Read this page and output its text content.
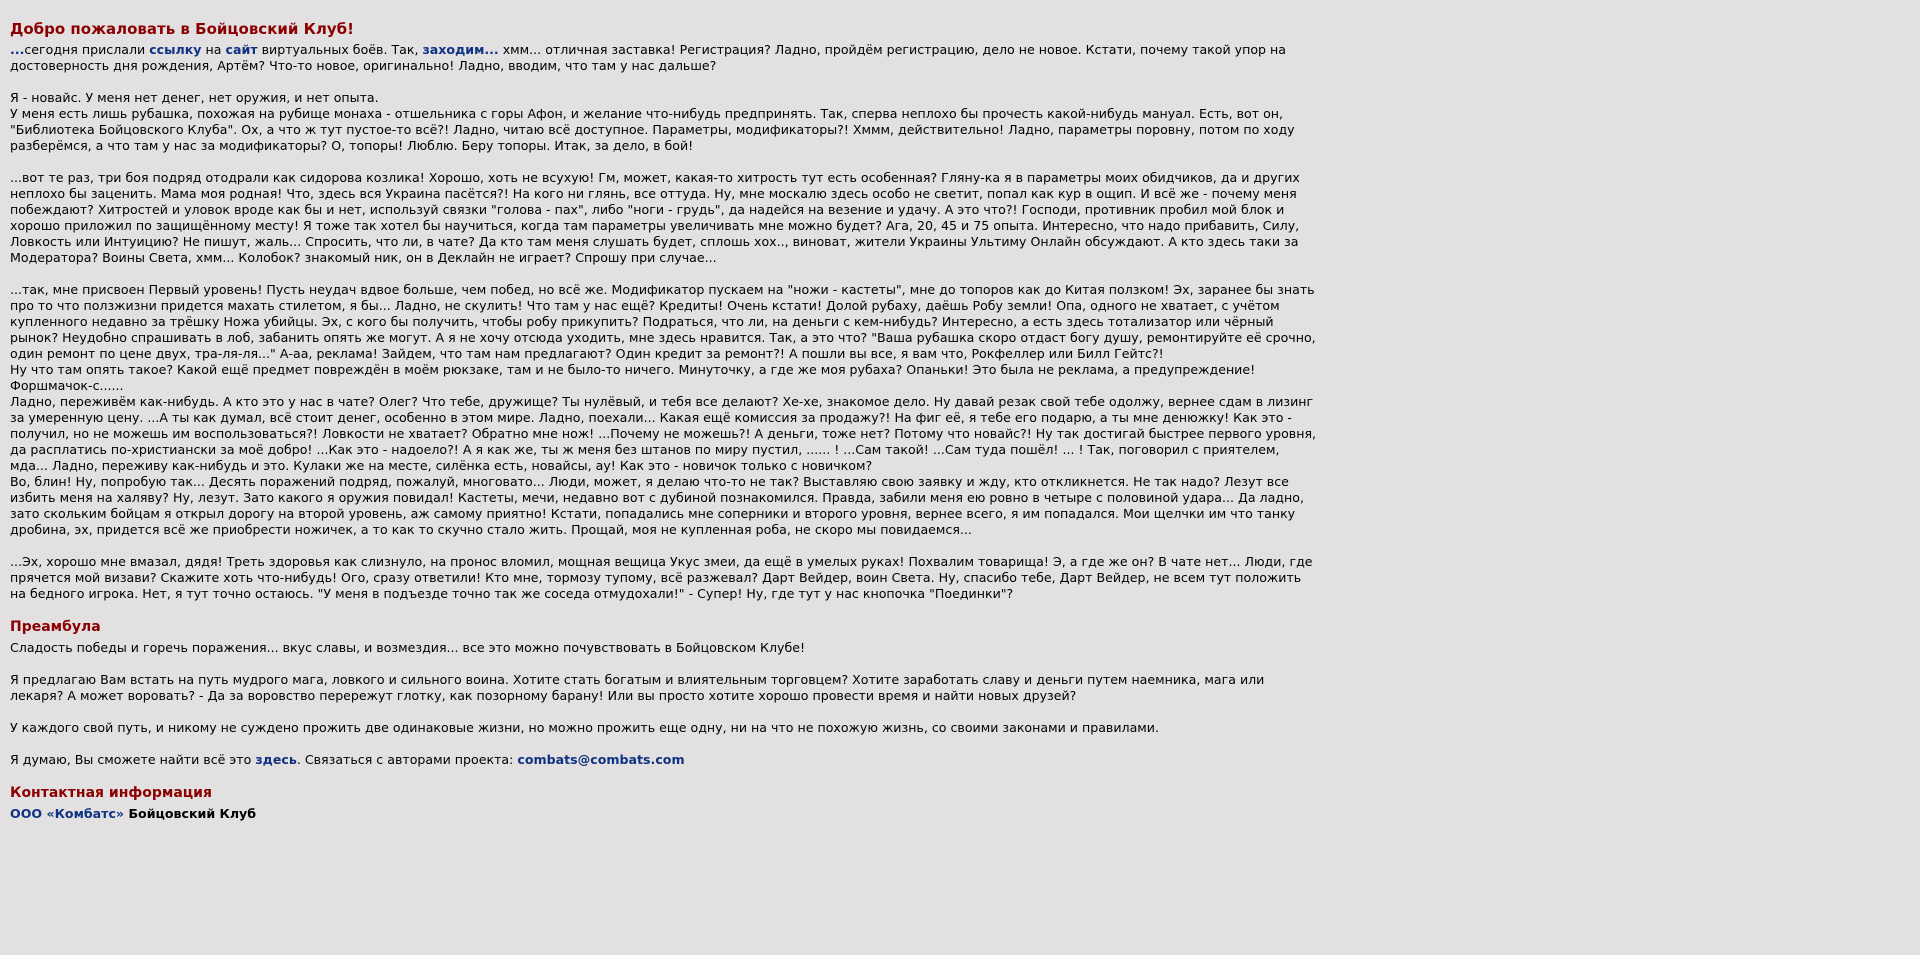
Добро пожаловать в Бойцовский Клуб!

...сегодня прислали ссылку на сайт виртуальных боёв. Так, заходим... хмм... отличная заставка! Регистрация? Ладно, пройдём регистрацию, дело не новое. Кстати, почему такой упор на достоверность дня рождения, Артём? Что-то новое, оригинально! Ладно, вводим, что там у нас дальше?

Я - новайс. У меня нет денег, нет оружия, и нет опыта.

У меня есть лишь рубашка, похожая на рубище монаха - отшельника с горы Афон, и желание что-нибудь предпринять. Так, сперва неплохо бы прочесть какой-нибудь мануал. Есть, вот он, "Библиотека Бойцовского Клуба". Ох, а что ж тут пустое-то всё?! Ладно, читаю всё доступное. Параметры, модификаторы?! Хммм, действительно! Ладно, параметры поровну, потом по ходу разберёмся, а что там у нас за модификаторы? О, топоры! Люблю. Беру топоры. Итак, за дело, в бой!

...вот те раз, три боя подряд отодрали как сидорова козлика! Хорошо, хоть не всухую! Гм, может, какая-то хитрость тут есть особенная? Гляну-ка я в параметры моих обидчиков, да и других неплохо бы заценить. Мама моя родная! Что, здесь вся Украина пасётся?! На кого ни глянь, все оттуда. Ну, мне москалю здесь особо не светит, попал как кур в ощип. И всё же - почему меня побеждают? Хитростей и уловок вроде как бы и нет, используй связки "голова - пах", либо "ноги - грудь", да надейся на везение и удачу. А это что?! Господи, противник пробил мой блок и хорошо приложил по защищённому месту! Я тоже так хотел бы научиться, когда там параметры увеличивать мне можно будет? Ага, 20, 45 и 75 опыта. Интересно, что надо прибавить, Силу, Ловкость или Интуицию? Не пишут, жаль... Спросить, что ли, в чате? Да кто там меня слушать будет, сплошь хох.., виноват, жители Украины Ультиму Онлайн обсуждают. А кто здесь таки за Модератора? Воины Света, хмм... Колобок? знакомый ник, он в Деклайн не играет? Спрошу при случае...

...так, мне присвоен Первый уровень! Пусть неудач вдвое больше, чем побед, но всё же. Модификатор пускаем на "ножи - кастеты", мне до топоров как до Китая ползком! Эх, заранее бы знать про то что ползжизни придется махать стилетом, я бы... Ладно, не скулить! Что там у нас ещё? Кредиты! Очень кстати! Долой рубаху, даёшь Робу земли! Опа, одного не хватает, с учётом купленного недавно за трёшку Ножа убийцы. Эх, с кого бы получить, чтобы робу прикупить? Подраться, что ли, на деньги с кем-нибудь? Интересно, а есть здесь тотализатор или чёрный рынок? Неудобно спрашивать в лоб, забанить опять же могут. А я не хочу отсюда уходить, мне здесь нравится. Так, а это что? "Ваша рубашка скоро отдаст богу душу, ремонтируйте её срочно, один ремонт по цене двух, тра-ля-ля..." А-аа, реклама! Зайдем, что там нам предлагают? Один кредит за ремонт?! А пошли вы все, я вам что, Рокфеллер или Билл Гейтс?!

Ну что там опять такое? Какой ещё предмет повреждён в моём рюкзаке, там и не было-то ничего. Минуточку, а где же моя рубаха? Опаньки! Это была не реклама, а предупреждение! Форшмачок-с......

Ладно, переживём как-нибудь. А кто это у нас в чате? Олег? Что тебе, дружище? Ты нулёвый, и тебя все делают? Хе-хе, знакомое дело. Ну давай резак свой тебе одолжу, вернее сдам в лизинг за умеренную цену. ...А ты как думал, всё стоит денег, особенно в этом мире. Ладно, поехали... Какая ещё комиссия за продажу?! На фиг её, я тебе его подарю, а ты мне денюжку! Как это - получил, но не можешь им воспользоваться?! Ловкости не хватает? Обратно мне нож! ...Почему не можешь?! А деньги, тоже нет? Потому что новайс?! Ну так достигай быстрее первого уровня, да расплатись по-христиански за моё добро! ...Как это - надоело?! А я как же, ты ж меня без штанов по миру пустил, ...... ! ...Сам такой! ...Сам туда пошёл! ... ! Так, поговорил с приятелем, мда... Ладно, переживу как-нибудь и это. Кулаки же на месте, силёнка есть, новайсы, ау! Как это - новичок только с новичком?

Во, блин! Ну, попробую так... Десять поражений подряд, пожалуй, многовато... Люди, может, я делаю что-то не так? Выставляю свою заявку и жду, кто откликнется. Не так надо? Лезут все избить меня на халяву? Ну, лезут. Зато какого я оружия повидал! Кастеты, мечи, недавно вот с дубиной познакомился. Правда, забили меня ею ровно в четыре с половиной удара... Да ладно, зато скольким бойцам я открыл дорогу на второй уровень, аж самому приятно! Кстати, попадались мне соперники и второго уровня, вернее всего, я им попадался. Мои щелчки им что танку дробина, эх, придется всё же приобрести ножичек, а то как то скучно стало жить. Прощай, моя не купленная роба, не скоро мы повидаемся...

...Эх, хорошо мне вмазал, дядя! Треть здоровья как слизнуло, на пронос вломил, мощная вещица Укус змеи, да ещё в умелых руках! Похвалим товарища! Э, а где же он? В чате нет... Люди, где прячется мой визави? Скажите хоть что-нибудь! Ого, сразу ответили! Кто мне, тормозу тупому, всё разжевал? Дарт Вейдер, воин Света. Ну, спасибо тебе, Дарт Вейдер, не всем тут положить на бедного игрока. Нет, я тут точно остаюсь. "У меня в подъезде точно так же соседа отмудохали!" - Супер! Ну, где тут у нас кнопочка "Поединки"?

Преамбула

Сладость победы и горечь поражения... вкус славы, и возмездия... все это можно почувствовать в Бойцовском Клубе!

Я предлагаю Вам встать на путь мудрого мага, ловкого и сильного воина. Хотите стать богатым и влиятельным торговцем? Хотите заработать славу и деньги путем наемника, мага или лекаря? А может воровать? - Да за воровство перережут глотку, как позорному барану! Или вы просто хотите хорошо провести время и найти новых друзей?

У каждого свой путь, и никому не суждено прожить две одинаковые жизни, но можно прожить еще одну, ни на что не похожую жизнь, со своими законами и правилами.

Я думаю, Вы сможете найти всё это здесь. Связаться с авторами проекта: combats@combats.com

Контактная информация

ООО «Комбатс» Бойцовский Клуб
